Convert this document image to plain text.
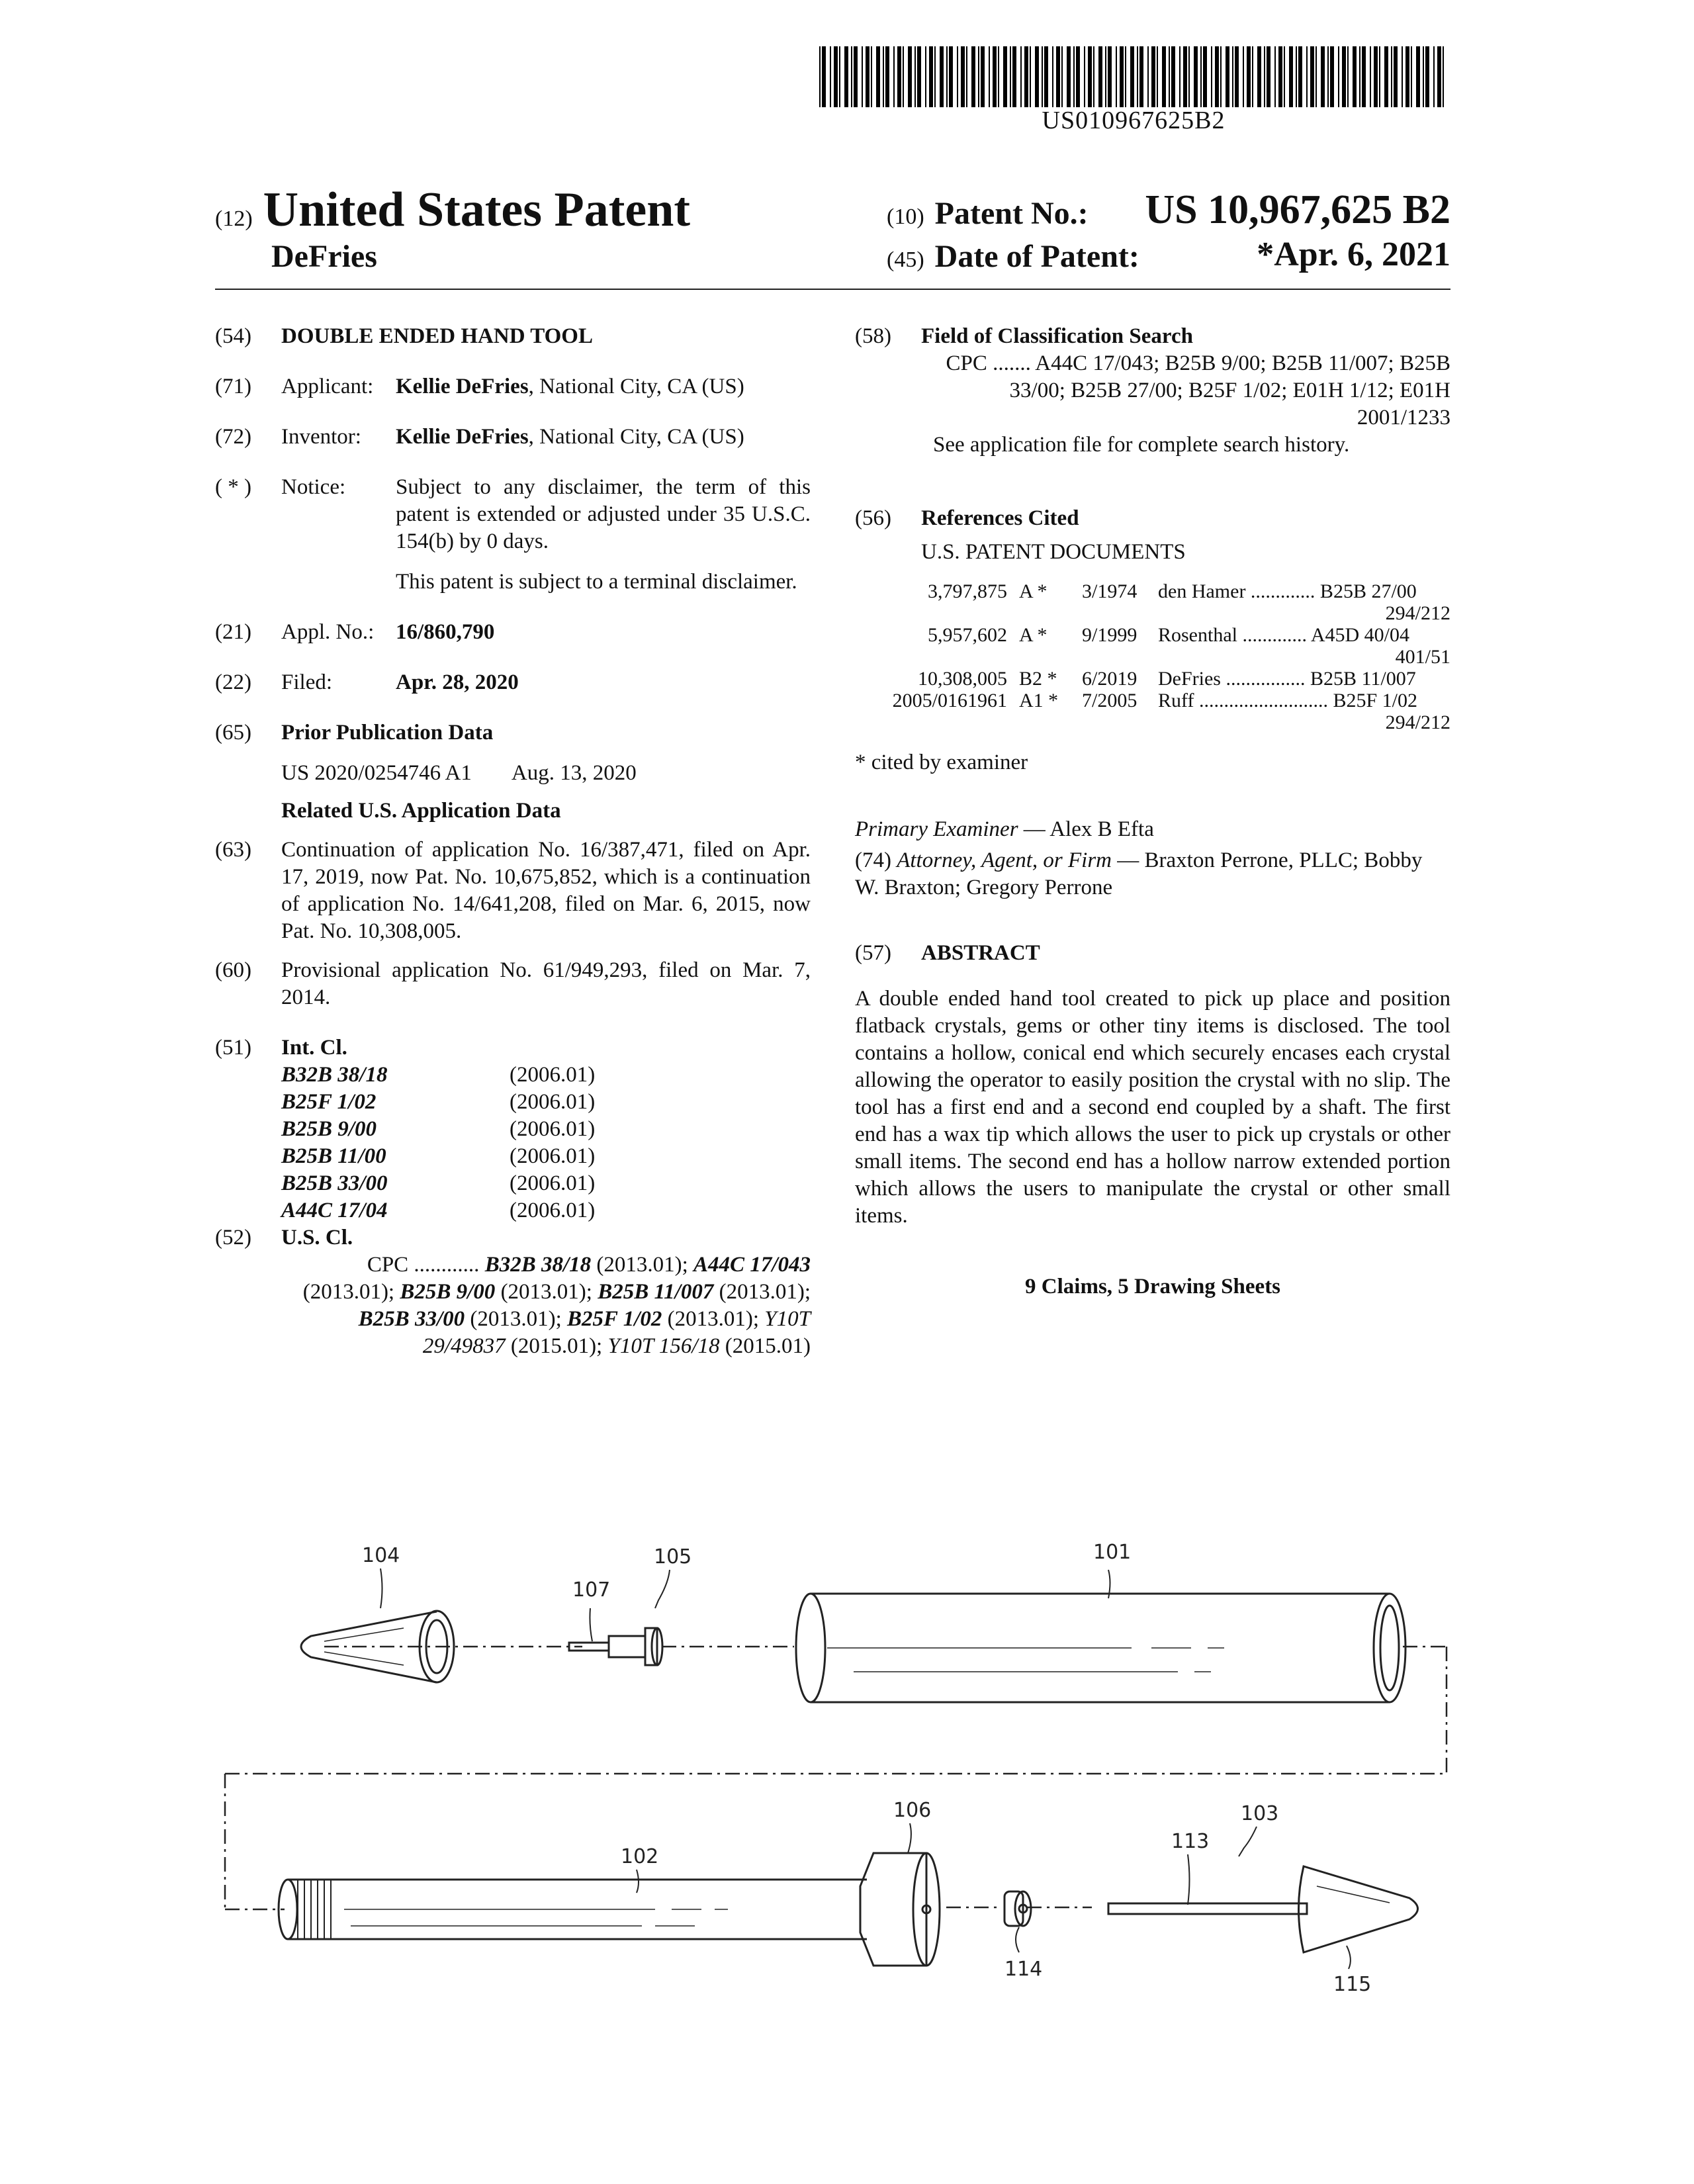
US010967625B2
(12) United States Patent
DeFries
(10) Patent No.: US 10,967,625 B2
(45) Date of Patent:	*Apr. 6, 2021
(54)	DOUBLE ENDED HAND TOOL
(71)	Applicant: Kellie DeFries, National City, CA (US)
(72)	Inventor: Kellie DeFries, National City, CA (US)
( * )	Notice: Subject to any disclaimer, the term of this patent is extended or adjusted under 35 U.S.C. 154(b) by 0 days.
This patent is subject to a terminal disclaimer.
(21)	Appl. No.: 16/860,790
(22)	Filed:	Apr. 28, 2020
(65)	Prior Publication Data
US 2020/0254746 A1 Aug. 13, 2020
Related U.S. Application Data
(63)	Continuation of application No. 16/387,471, filed on Apr. 17, 2019, now Pat. No. 10,675,852, which is a continuation of application No. 14/641,208, filed on Mar. 6, 2015, now Pat. No. 10,308,005.
(60)	Provisional application No. 61/949,293, filed on Mar. 7, 2014.
(51)	Int. Cl.
B32B 38/18	(2006.01)
B25F 1/02	(2006.01)
B25B 9/00	(2006.01)
B25B 11/00	(2006.01)
B25B 33/00	(2006.01)
A44C 17/04	(2006.01)
(52)	U.S. Cl.
CPC ............ B32B 38/18 (2013.01); A44C 17/043 (2013.01); B25B 9/00 (2013.01); B25B 11/007 (2013.01); B25B 33/00 (2013.01); B25F 1/02 (2013.01); Y10T 29/49837 (2015.01); Y10T 156/18 (2015.01)
(58)	Field of Classification Search
CPC ....... A44C 17/043; B25B 9/00; B25B 11/007; B25B 33/00; B25B 27/00; B25F 1/02; E01H 1/12; E01H 2001/1233
See application file for complete search history.
(56)	References Cited
U.S. PATENT DOCUMENTS
3,797,875	A *	3/1974	den Hamer ............. B25B 27/00
294/212			
5,957,602	A *	9/1999	Rosenthal ............. A45D 40/04
401/51			
10,308,005	B2 *	6/2019	DeFries ................ B25B 11/007
2005/0161961	A1 *	7/2005	Ruff .......................... B25F 1/02
294/212			
* cited by examiner
Primary Examiner — Alex B Efta
(74) Attorney, Agent, or Firm — Braxton Perrone, PLLC; Bobby W. Braxton; Gregory Perrone
(57)	ABSTRACT
A double ended hand tool created to pick up place and position flatback crystals, gems or other tiny items is disclosed. The tool contains a hollow, conical end which securely encases each crystal allowing the operator to easily position the crystal with no slip. The tool has a first end and a second end coupled by a shaft. The first end has a wax tip which allows the user to pick up crystals or other small items. The second end has a hollow narrow extended portion which allows the users to manipulate the crystal or other small items.
9 Claims, 5 Drawing Sheets
104
107
105	101
102
106
113
103
114
115
